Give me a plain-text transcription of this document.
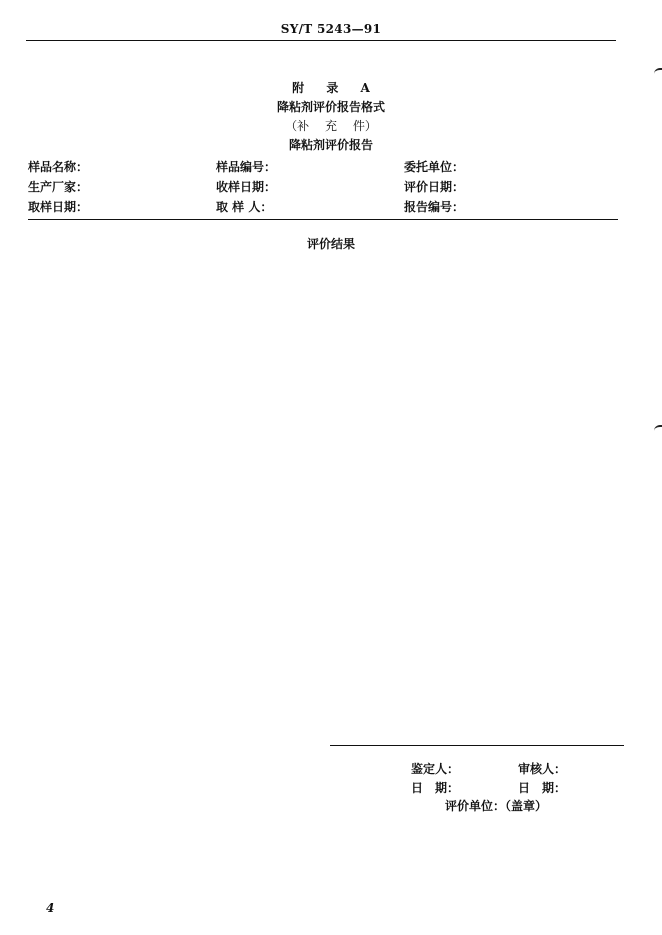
SY/T 5243—91
附 录 A
降粘剂评价报告格式
（补 充 件）
降粘剂评价报告
样品名称：
生产厂家：
取样日期：
样品编号：
收样日期：
取 样 人：
委托单位：
评价日期：
报告编号：
评价结果
鉴定人：	审核人：
日　期：	日　期：
评价单位：（盖章）
4
